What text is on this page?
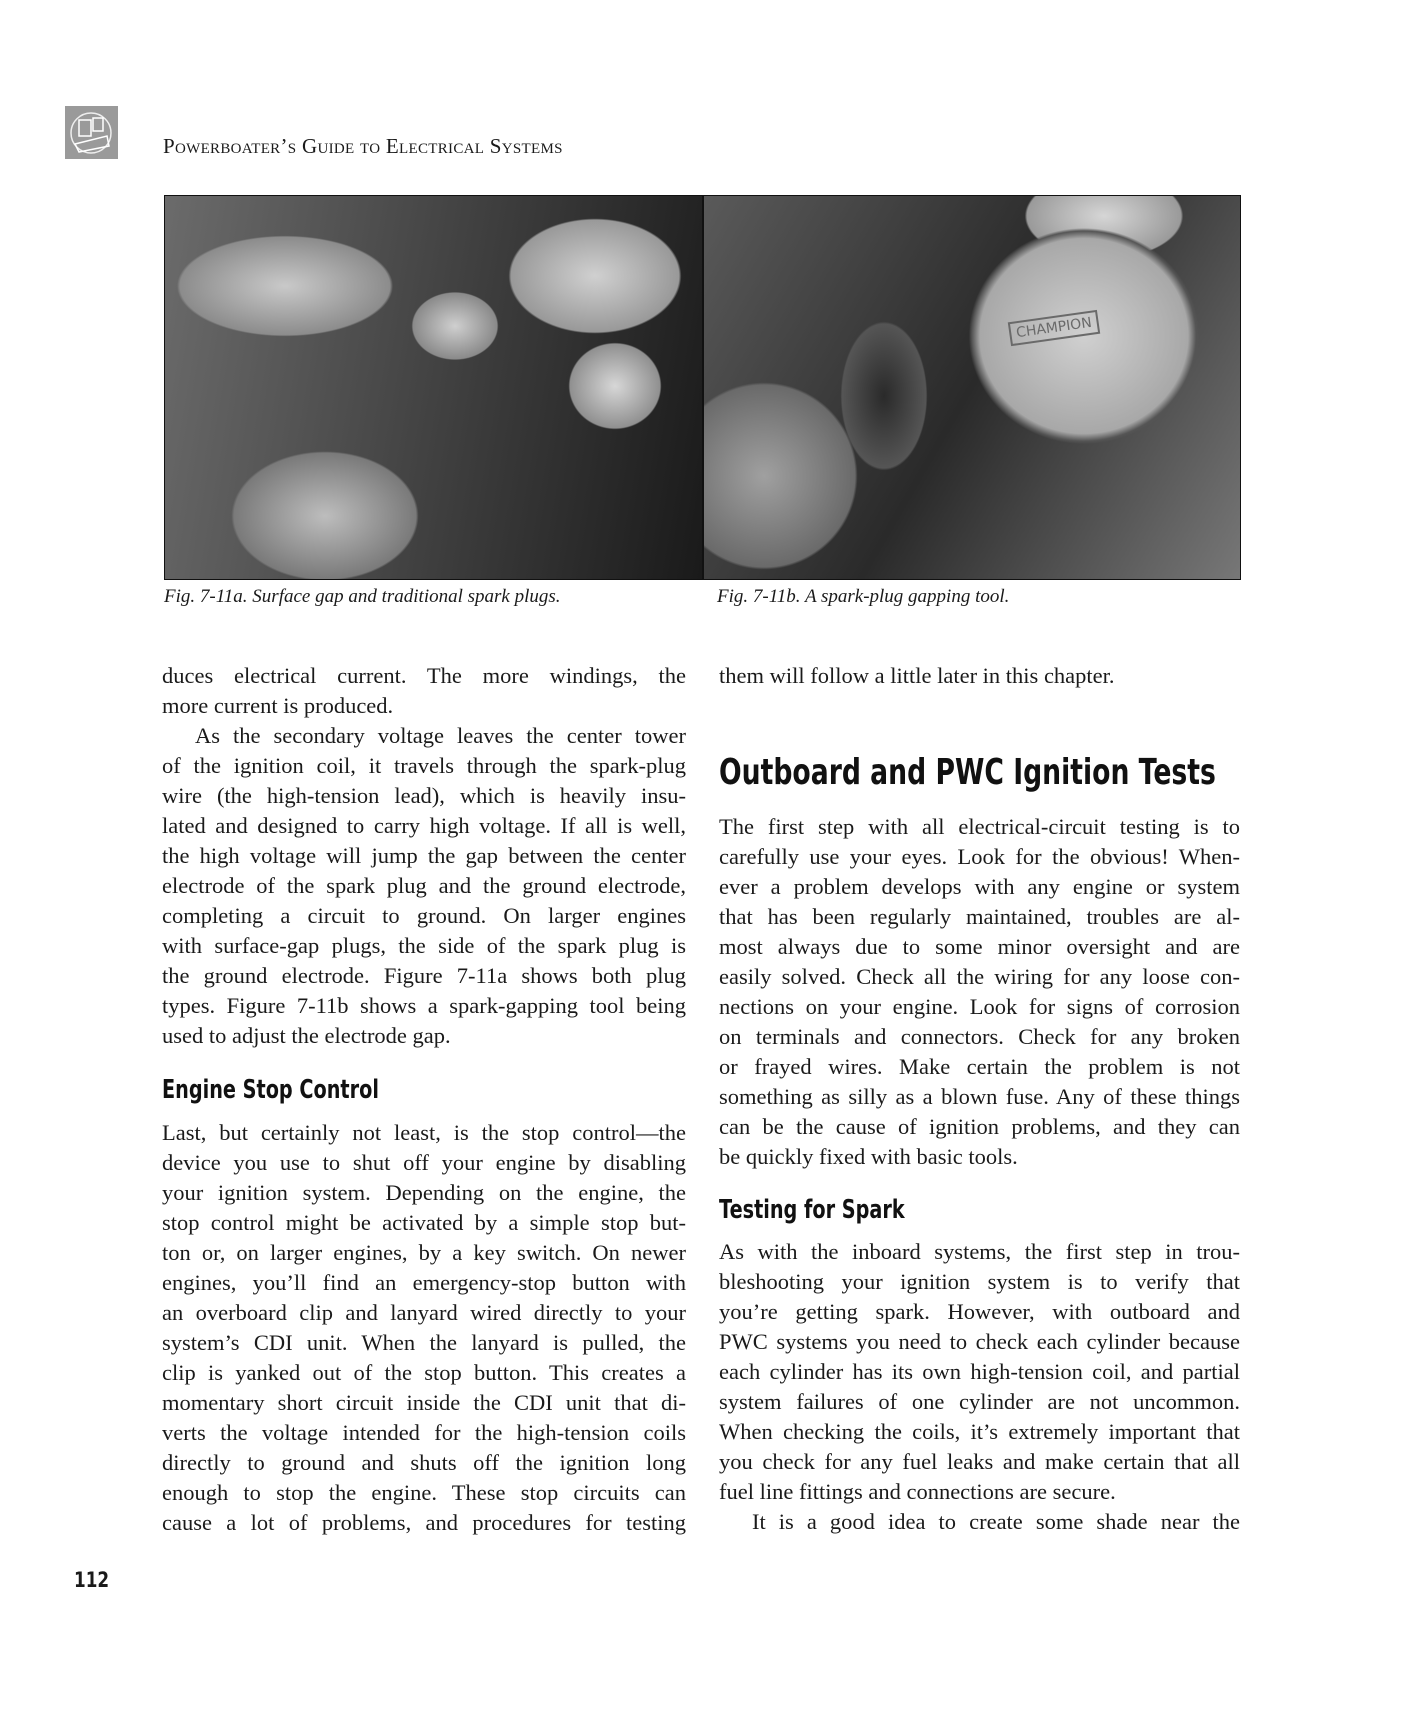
Powerboater’s Guide to Electrical Systems
CHAMPION
Fig. 7-11a. Surface gap and traditional spark plugs.	Fig. 7-11b. A spark-plug gapping tool.
duces electrical current. The more windings, the
more current is produced.
As the secondary voltage leaves the center tower
of the ignition coil, it travels through the spark-plug
wire (the high-tension lead), which is heavily insu-
lated and designed to carry high voltage. If all is well,
the high voltage will jump the gap between the center
electrode of the spark plug and the ground electrode,
completing a circuit to ground. On larger engines
with surface-gap plugs, the side of the spark plug is
the ground electrode. Figure 7-11a shows both plug
types. Figure 7-11b shows a spark-gapping tool being
used to adjust the electrode gap.
Engine Stop Control
Last, but certainly not least, is the stop control—the
device you use to shut off your engine by disabling
your ignition system. Depending on the engine, the
stop control might be activated by a simple stop but-
ton or, on larger engines, by a key switch. On newer
engines, you’ll find an emergency-stop button with
an overboard clip and lanyard wired directly to your
system’s CDI unit. When the lanyard is pulled, the
clip is yanked out of the stop button. This creates a
momentary short circuit inside the CDI unit that di-
verts the voltage intended for the high-tension coils
directly to ground and shuts off the ignition long
enough to stop the engine. These stop circuits can
cause a lot of problems, and procedures for testing
them will follow a little later in this chapter.
Outboard and PWC Ignition Tests
The first step with all electrical-circuit testing is to
carefully use your eyes. Look for the obvious! When-
ever a problem develops with any engine or system
that has been regularly maintained, troubles are al-
most always due to some minor oversight and are
easily solved. Check all the wiring for any loose con-
nections on your engine. Look for signs of corrosion
on terminals and connectors. Check for any broken
or frayed wires. Make certain the problem is not
something as silly as a blown fuse. Any of these things
can be the cause of ignition problems, and they can
be quickly fixed with basic tools.
Testing for Spark
As with the inboard systems, the first step in trou-
bleshooting your ignition system is to verify that
you’re getting spark. However, with outboard and
PWC systems you need to check each cylinder because
each cylinder has its own high-tension coil, and partial
system failures of one cylinder are not uncommon.
When checking the coils, it’s extremely important that
you check for any fuel leaks and make certain that all
fuel line fittings and connections are secure.
It is a good idea to create some shade near the
112
